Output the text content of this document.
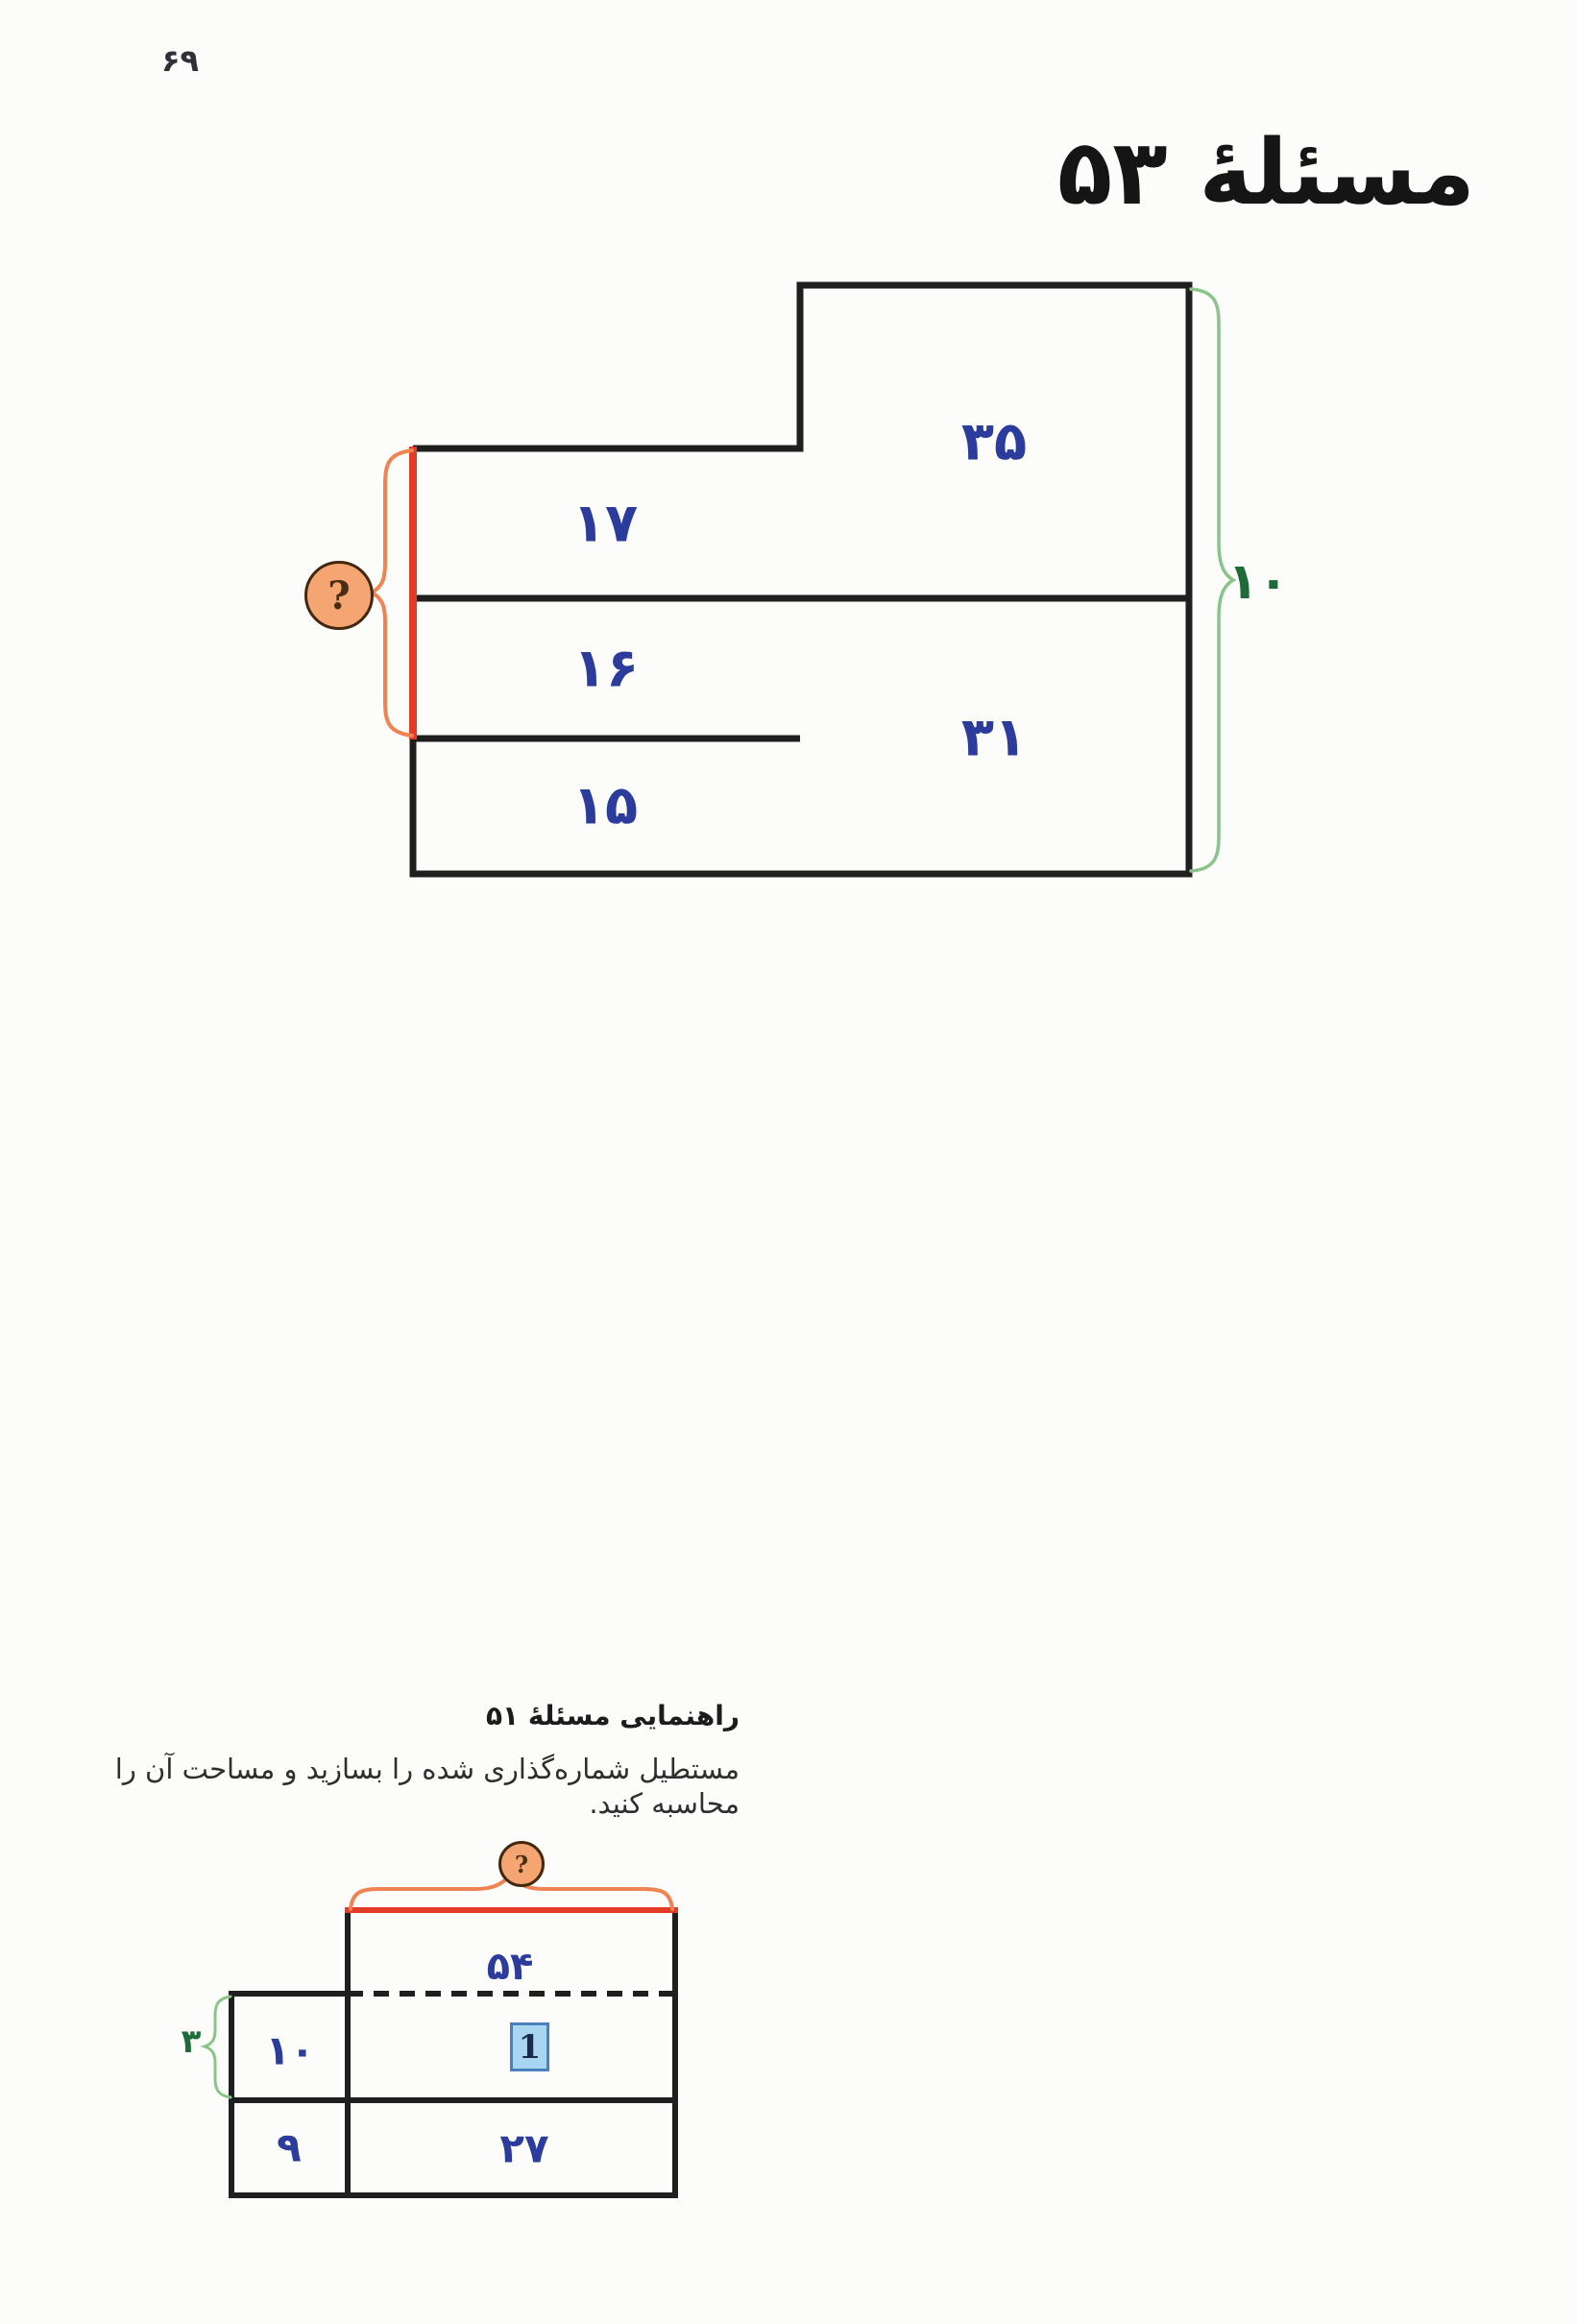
۶۹
مسئلهٔ ۵۳
۳۵
۳۱
۱۷
۱۶
۱۵
?	۱۰
راهنمایی مسئلهٔ ۵۱
مستطیل شماره‌گذاری شده را بسازید و مساحت آن را
محاسبه کنید.
?
۵۴
1
۲۷
۱۰
۹
۳
